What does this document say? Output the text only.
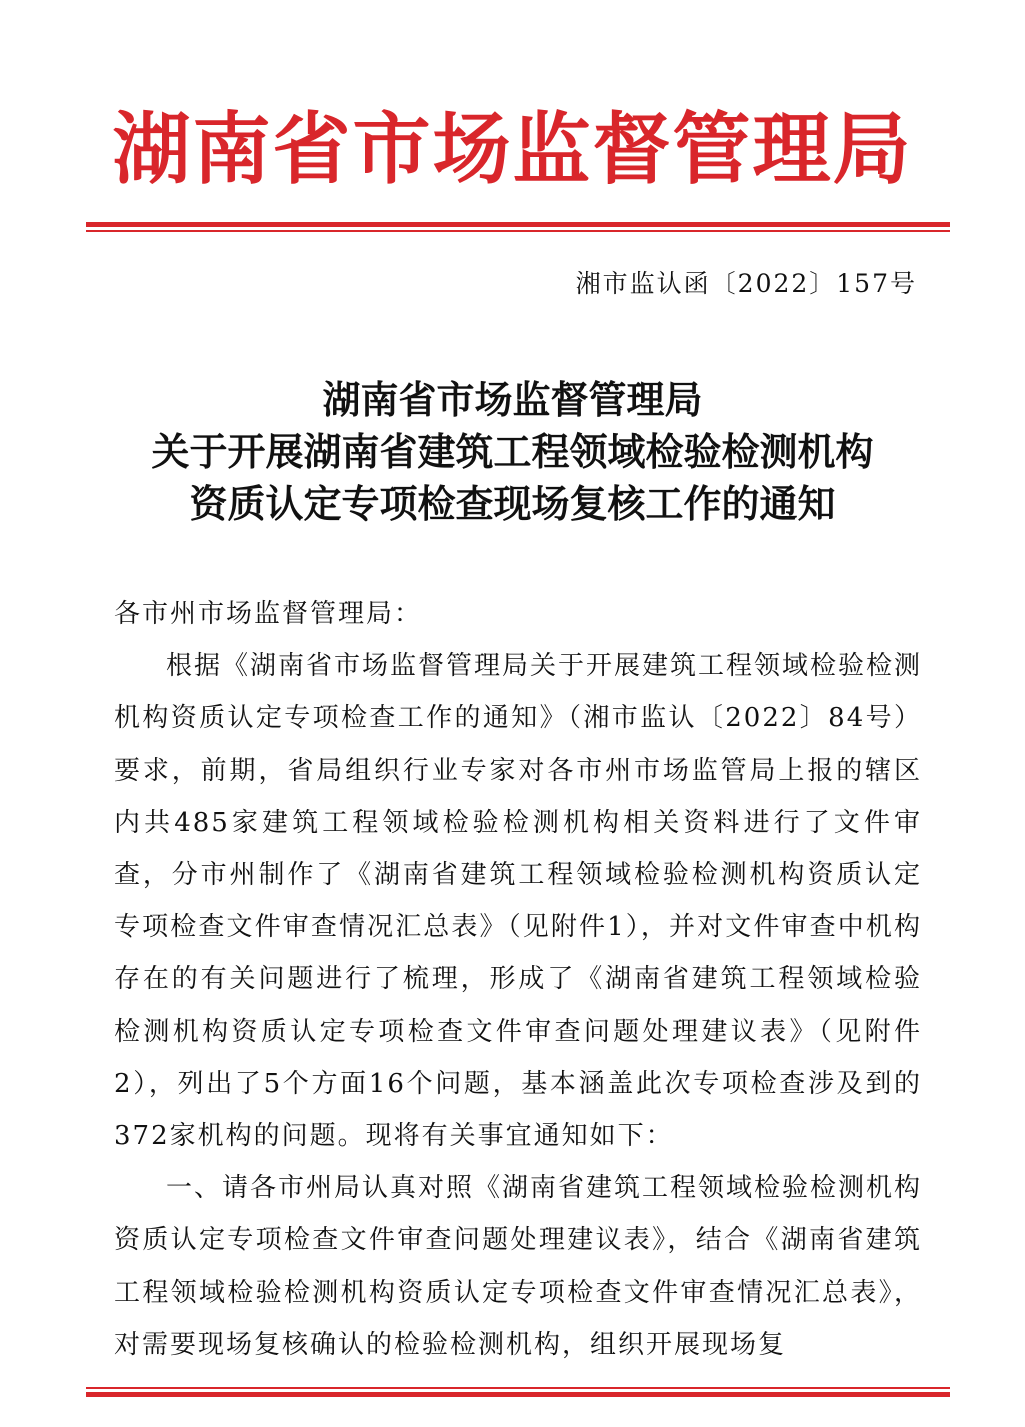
湖南省市场监督管理局
湘市监认函〔2022〕157号
湖南省市场监督管理局
关于开展湖南省建筑工程领域检验检测机构
资质认定专项检查现场复核工作的通知

各市州市场监督管理局：

根据《湖南省市场监督管理局关于开展建筑工程领域检验检测机构资质认定专项检查工作的通知》（湘市监认〔2022〕84号）要求，前期，省局组织行业专家对各市州市场监管局上报的辖区内共485家建筑工程领域检验检测机构相关资料进行了文件审查，分市州制作了《湖南省建筑工程领域检验检测机构资质认定专项检查文件审查情况汇总表》（见附件1），并对文件审查中机构存在的有关问题进行了梳理，形成了《湖南省建筑工程领域检验检测机构资质认定专项检查文件审查问题处理建议表》（见附件2），列出了5个方面16个问题，基本涵盖此次专项检查涉及到的372家机构的问题。现将有关事宜通知如下：

一、请各市州局认真对照《湖南省建筑工程领域检验检测机构资质认定专项检查文件审查问题处理建议表》，结合《湖南省建筑工程领域检验检测机构资质认定专项检查文件审查情况汇总表》，对需要现场复核确认的检验检测机构，组织开展现场复
